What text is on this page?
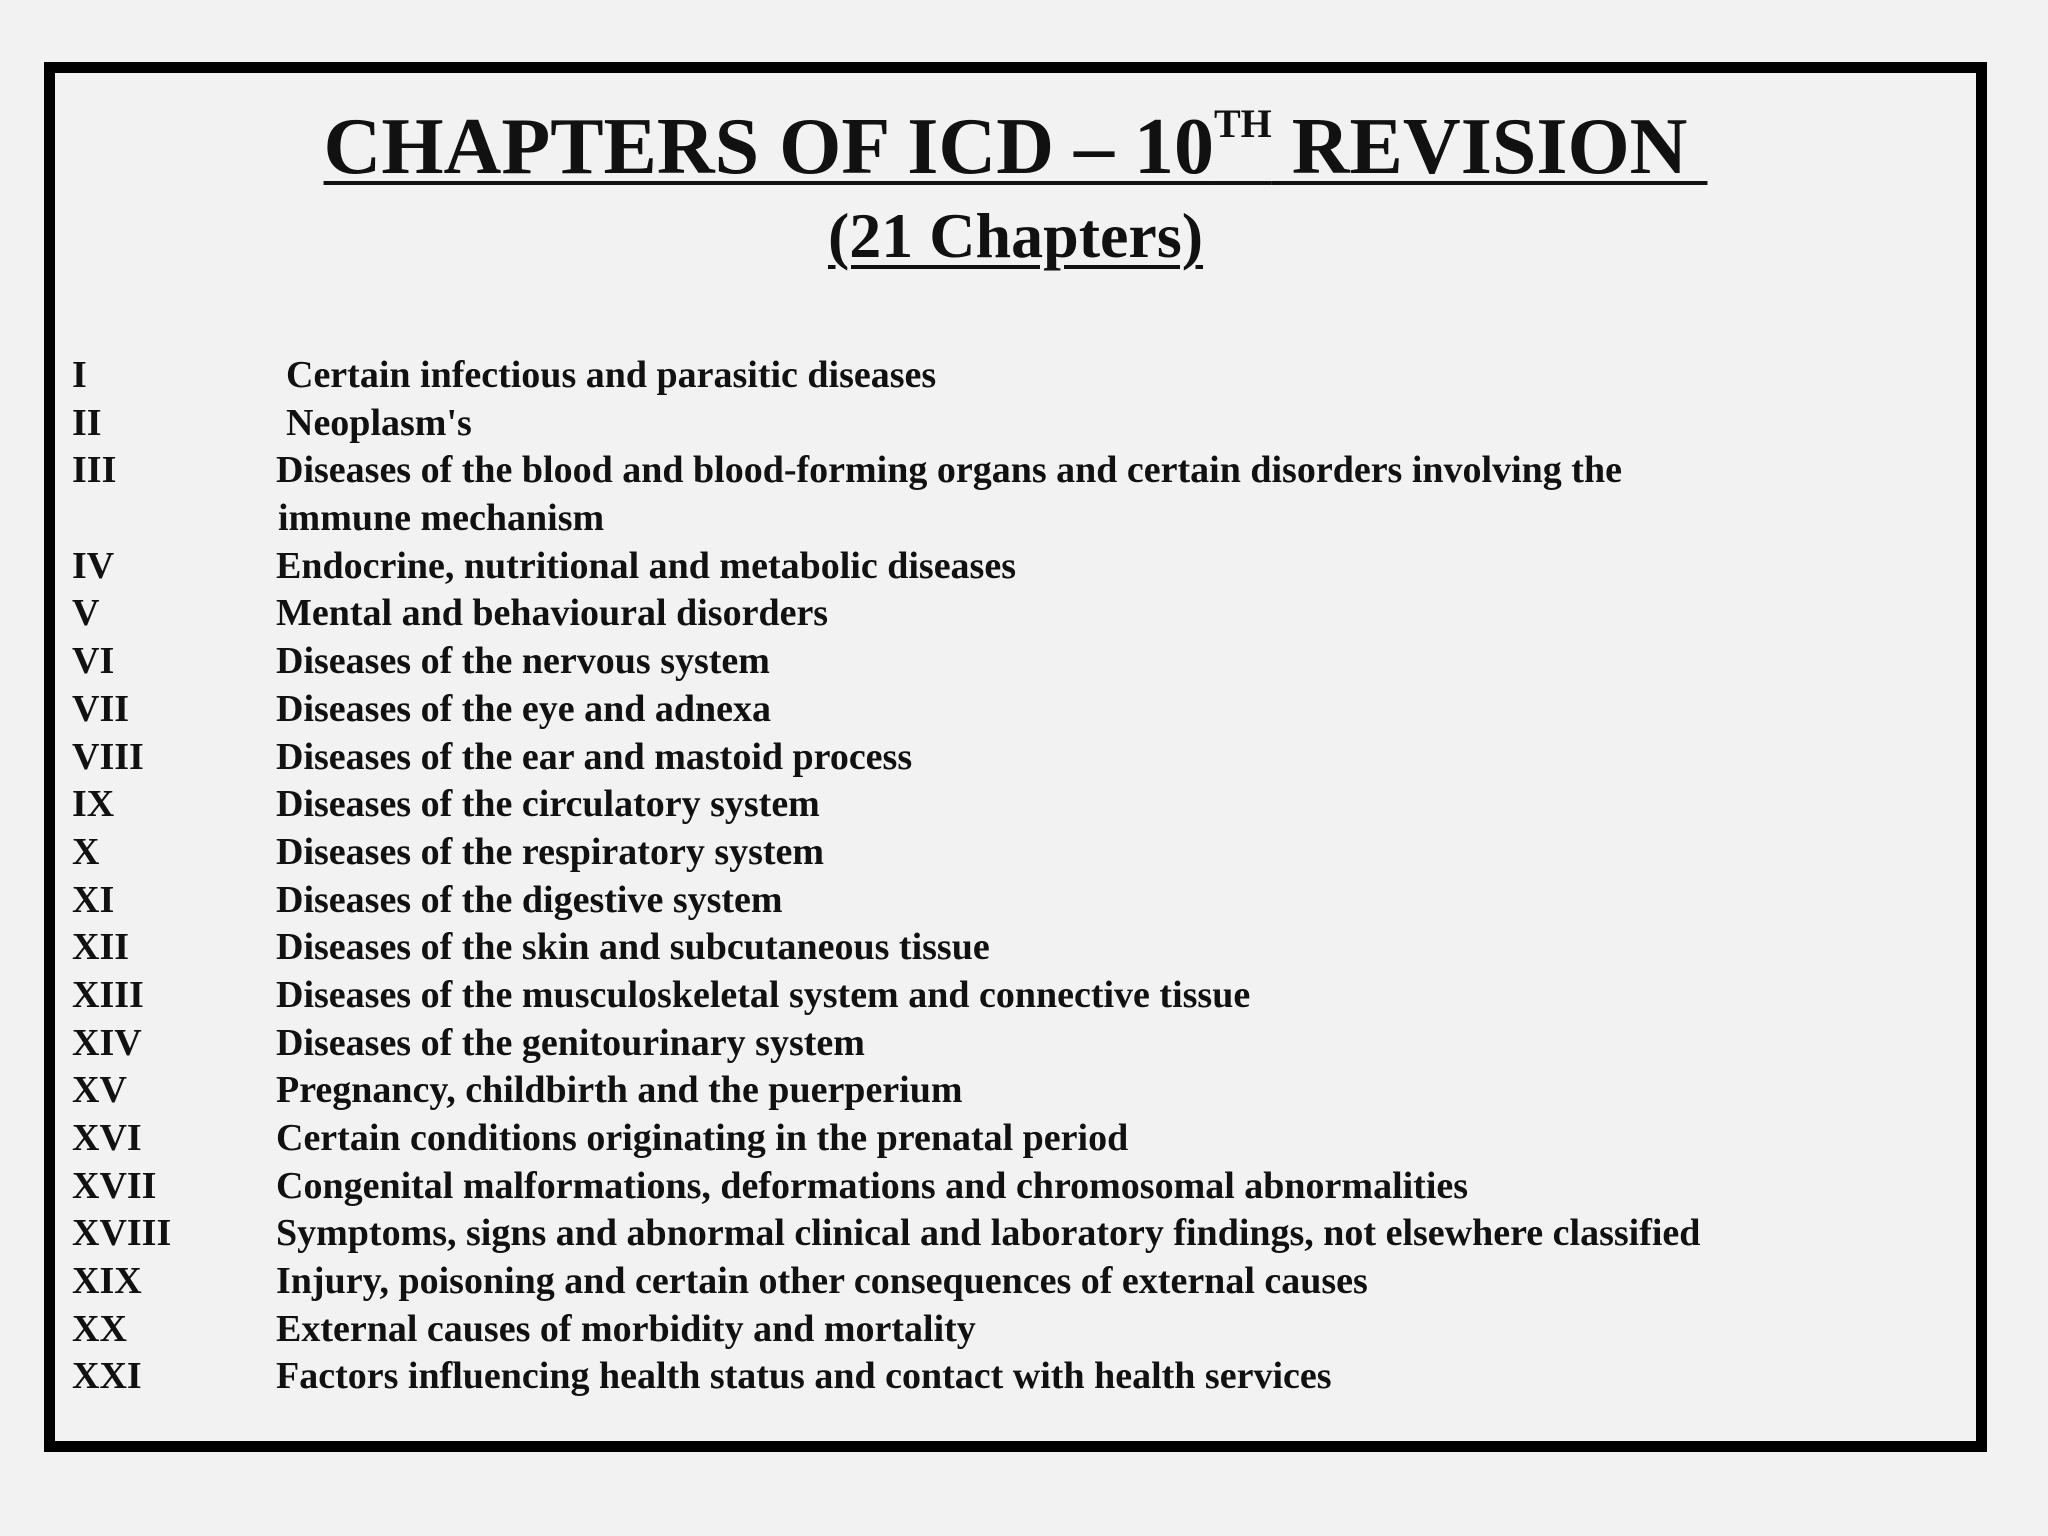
CHAPTERS OF ICD – 10TH REVISION
(21 Chapters)
I	Certain infectious and parasitic diseases
II	Neoplasm's
III	Diseases of the blood and blood-forming organs and certain disorders involving the
immune mechanism
IV	Endocrine, nutritional and metabolic diseases
V	Mental and behavioural disorders
VI	Diseases of the nervous system
VII	Diseases of the eye and adnexa
VIII	Diseases of the ear and mastoid process
IX	Diseases of the circulatory system
X	Diseases of the respiratory system
XI	Diseases of the digestive system
XII	Diseases of the skin and subcutaneous tissue
XIII	Diseases of the musculoskeletal system and connective tissue
XIV	Diseases of the genitourinary system
XV	Pregnancy, childbirth and the puerperium
XVI	Certain conditions originating in the prenatal period
XVII	Congenital malformations, deformations and chromosomal abnormalities
XVIII	Symptoms, signs and abnormal clinical and laboratory findings, not elsewhere classified
XIX	Injury, poisoning and certain other consequences of external causes
XX	External causes of morbidity and mortality
XXI	Factors influencing health status and contact with health services
